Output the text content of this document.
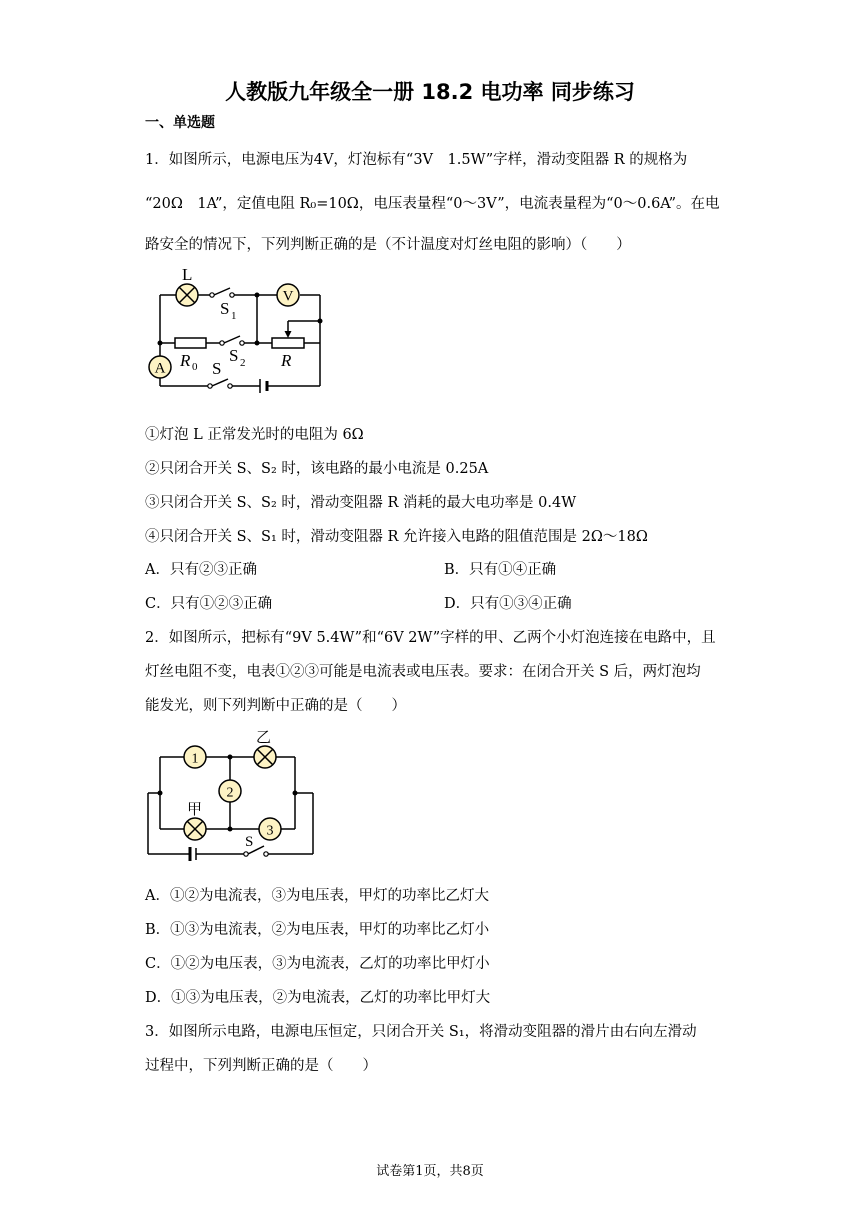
人教版九年级全一册 18.2 电功率 同步练习
一、单选题
1．如图所示，电源电压为4V，灯泡标有“3V　1.5W”字样，滑动变阻器 R 的规格为
“20Ω　1A”，定值电阻 R₀=10Ω，电压表量程“0～3V”，电流表量程为“0～0.6A”。在电
路安全的情况下，下列判断正确的是（不计温度对灯丝电阻的影响）（　　）
V
A
L
S 1
R 0
S 2 R
S
①灯泡 L 正常发光时的电阻为 6Ω
②只闭合开关 S、S₂ 时，该电路的最小电流是 0.25A
③只闭合开关 S、S₂ 时，滑动变阻器 R 消耗的最大电功率是 0.4W
④只闭合开关 S、S₁ 时，滑动变阻器 R 允许接入电路的阻值范围是 2Ω～18Ω
A．只有②③正确	B．只有①④正确
C．只有①②③正确	D．只有①③④正确
2．如图所示，把标有“9V 5.4W”和“6V 2W”字样的甲、乙两个小灯泡连接在电路中，且
灯丝电阻不变，电表①②③可能是电流表或电压表。要求：在闭合开关 S 后，两灯泡均
能发光，则下列判断中正确的是（　　）
1
2
3
乙
甲
S
A．①②为电流表，③为电压表，甲灯的功率比乙灯大
B．①③为电流表，②为电压表，甲灯的功率比乙灯小
C．①②为电压表，③为电流表，乙灯的功率比甲灯小
D．①③为电压表，②为电流表，乙灯的功率比甲灯大
3．如图所示电路，电源电压恒定，只闭合开关 S₁，将滑动变阻器的滑片由右向左滑动
过程中，下列判断正确的是（　　）
试卷第1页，共8页
